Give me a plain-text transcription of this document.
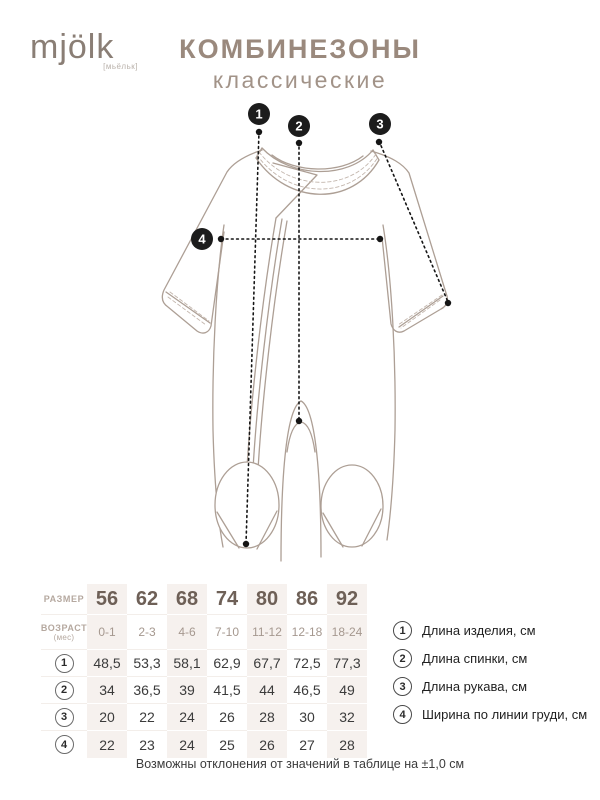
1
2	3
4
mjölk
[мьёльк]
КОМБИНЕЗОНЫ
классические
РАЗМЕР 56 62 68 74 80 86 92
ВОЗРАСТ
(мес)	0-1 2-3 4-6 7-10 11-12 12-18 18-24
1	48,5 53,3 58,1 62,9 67,7 72,5 77,3
2	34 36,5 39 41,5 44 46,5 49
3	20 22 24 26 28 30 32
4	22 23 24 25 26 27 28
1	Длина изделия, см
2	Длина спинки, см
3	Длина рукава, см
4	Ширина по линии груди, см
Возможны отклонения от значений в таблице на ±1,0 см
